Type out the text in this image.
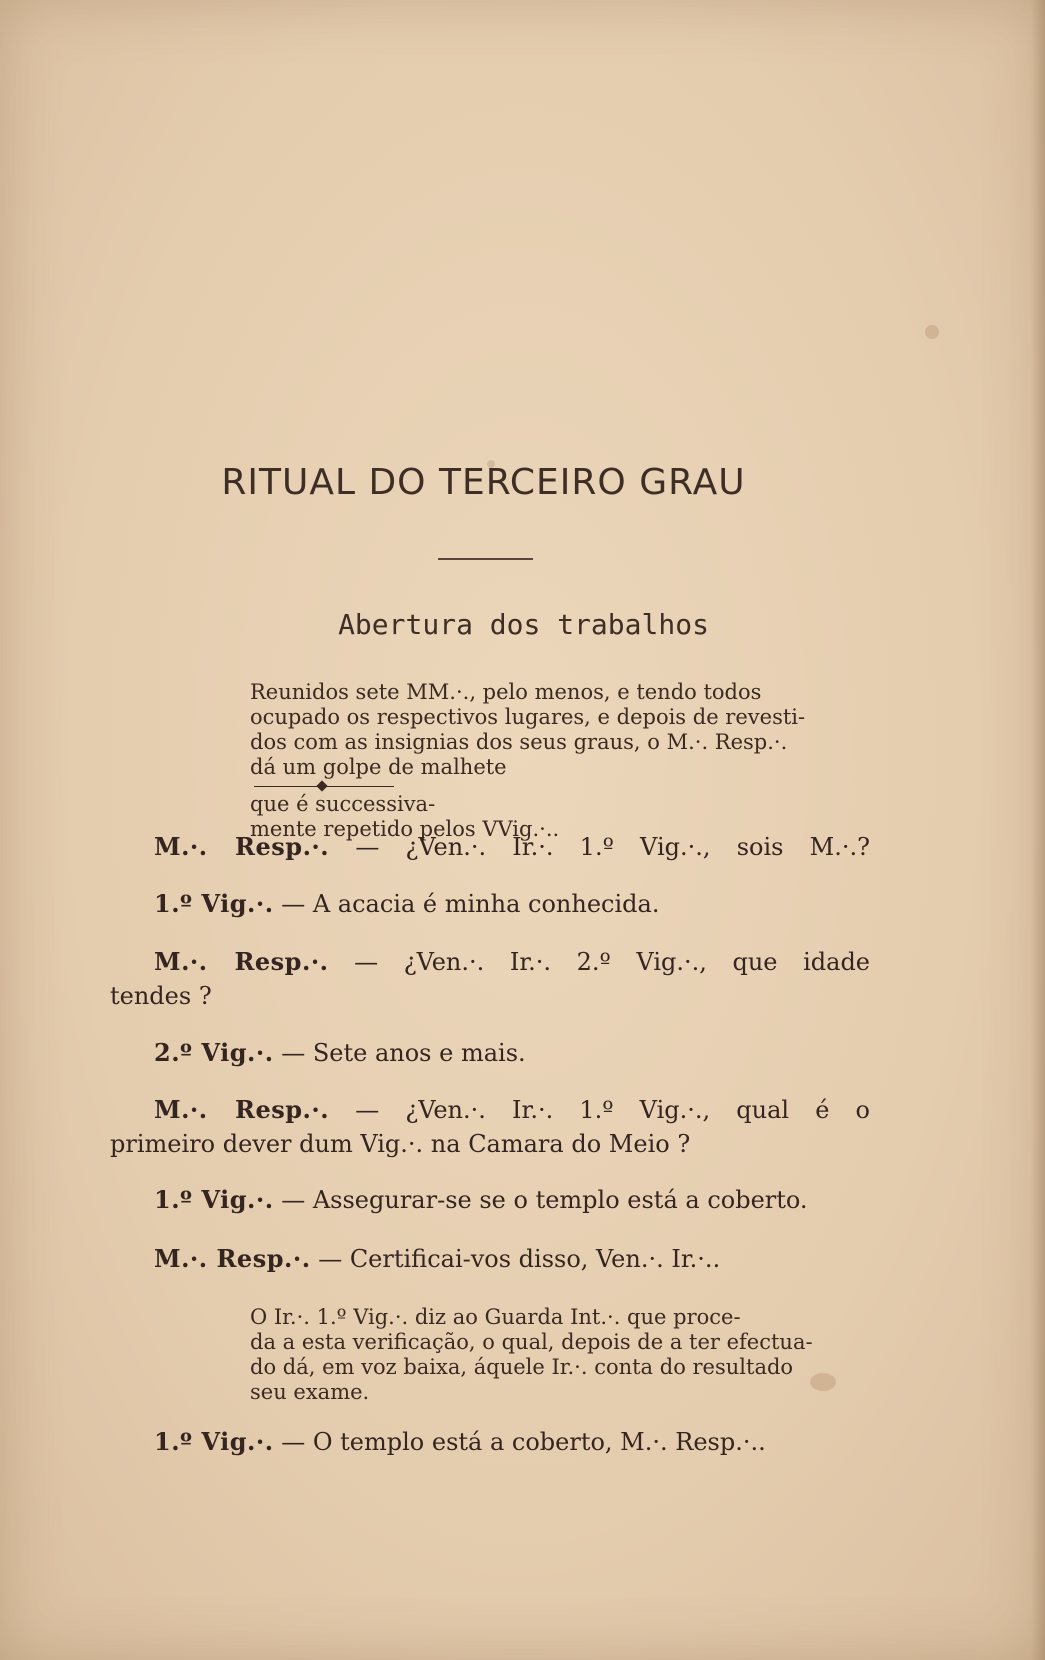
RITUAL DO TERCEIRO GRAU
Abertura dos trabalhos
Reunidos sete MM.·., pelo menos, e tendo todos
ocupado os respectivos lugares, e depois de revesti-
dos com as insignias dos seus graus, o M.·. Resp.·.
dá um golpe de malhete
que é successiva-
mente repetido pelos VVig.·..
M.·. Resp.·. — ¿Ven.·. Ir.·. 1.º Vig.·., sois M.·.?
1.º Vig.·. — A acacia é minha conhecida.
M.·. Resp.·. — ¿Ven.·. Ir.·. 2.º Vig.·., que idade
tendes ?
2.º Vig.·. — Sete anos e mais.
M.·. Resp.·. — ¿Ven.·. Ir.·. 1.º Vig.·., qual é o
primeiro dever dum Vig.·. na Camara do Meio ?
1.º Vig.·. — Assegurar-se se o templo está a coberto.
M.·. Resp.·. — Certificai-vos disso, Ven.·. Ir.·..
O Ir.·. 1.º Vig.·. diz ao Guarda Int.·. que proce-
da a esta verificação, o qual, depois de a ter efectua-
do dá, em voz baixa, áquele Ir.·. conta do resultado
seu exame.
1.º Vig.·. — O templo está a coberto, M.·. Resp.·..
